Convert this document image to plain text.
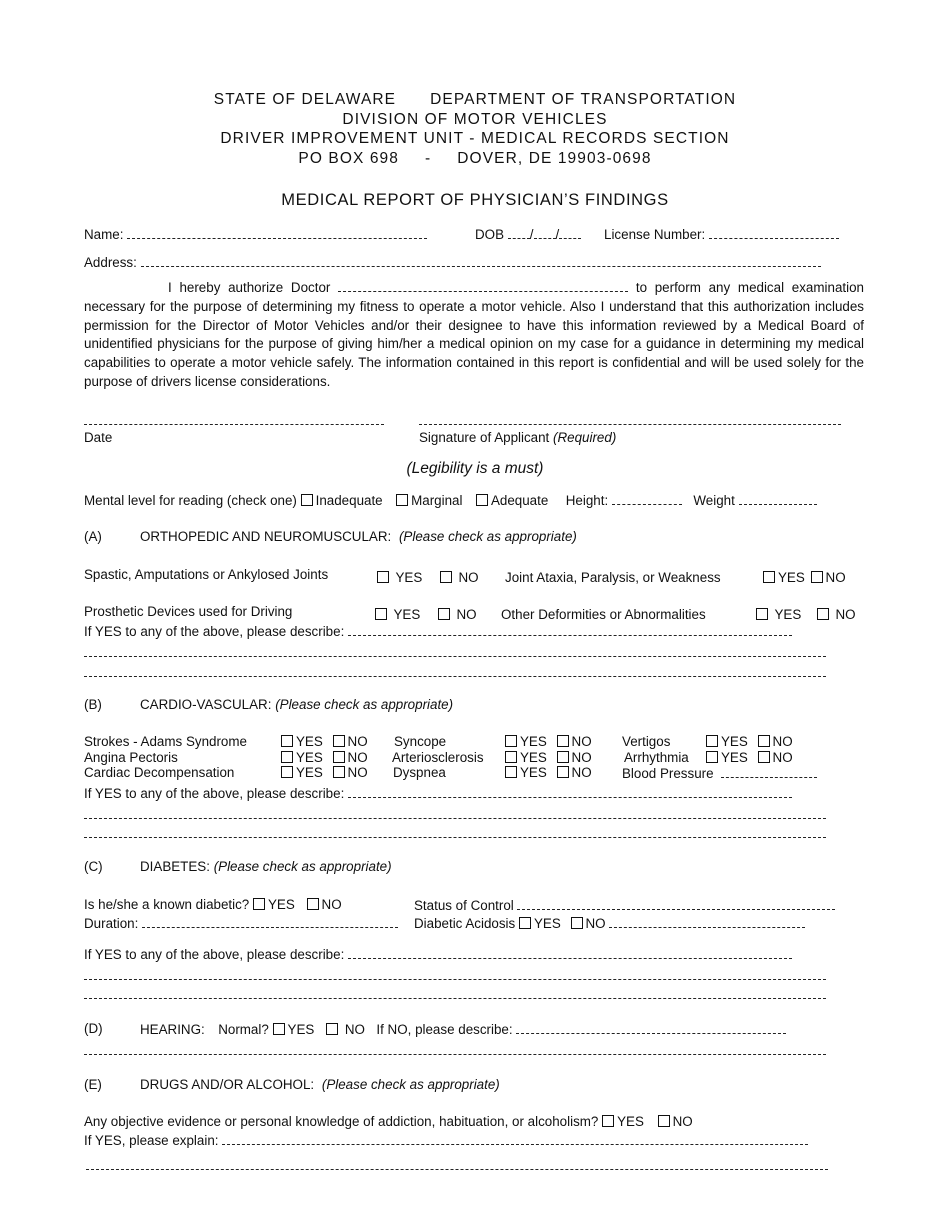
STATE OF DELAWARE DEPARTMENT OF TRANSPORTATION
DIVISION OF MOTOR VEHICLES
DRIVER IMPROVEMENT UNIT - MEDICAL RECORDS SECTION
PO BOX 698 - DOVER, DE 19903-0698
MEDICAL REPORT OF PHYSICIAN’S FINDINGS
Name:	DOB / /	License Number:
Address:
I hereby authorize Doctor	to perform any medical examination necessary for the purpose of determining my fitness to operate a motor vehicle. Also I understand that this authorization includes permission for the Director of Motor Vehicles and/or their designee to have this information reviewed by a Medical Board of unidentified physicians for the purpose of giving him/her a medical opinion on my case for a guidance in determining my medical capabilities to operate a motor vehicle safely. The information contained in this report is confidential and will be used solely for the purpose of drivers license considerations.
Date	Signature of Applicant (Required)
(Legibility is a must)
Mental level for reading (check one) Inadequate Marginal Adequate Height:	Weight
(A)	ORTHOPEDIC AND NEUROMUSCULAR: (Please check as appropriate)
Spastic, Amputations or Ankylosed Joints	YES	NO Joint Ataxia, Paralysis, or Weakness	YES NO
Prosthetic Devices used for Driving	YES	NO Other Deformities or Abnormalities	YES	NO
If YES to any of the above, please describe:
(B)	CARDIO-VASCULAR: (Please check as appropriate)
Strokes - Adams Syndrome	YES NO Syncope	YES NO Vertigos	YES NO
Angina Pectoris	YES NO Arteriosclerosis	YES NO Arrhythmia	YES NO
Cardiac Decompensation	YES NO Dyspnea	YES NO Blood Pressure
If YES to any of the above, please describe:
(C)	DIABETES: (Please check as appropriate)
Is he/she a known diabetic? YES NO	Status of Control
Duration:	Diabetic Acidosis YES NO
If YES to any of the above, please describe:
(D)	HEARING: Normal? YES NO If NO, please describe:
(E)	DRUGS AND/OR ALCOHOL: (Please check as appropriate)
Any objective evidence or personal knowledge of addiction, habituation, or alcoholism? YES NO
If YES, please explain:
